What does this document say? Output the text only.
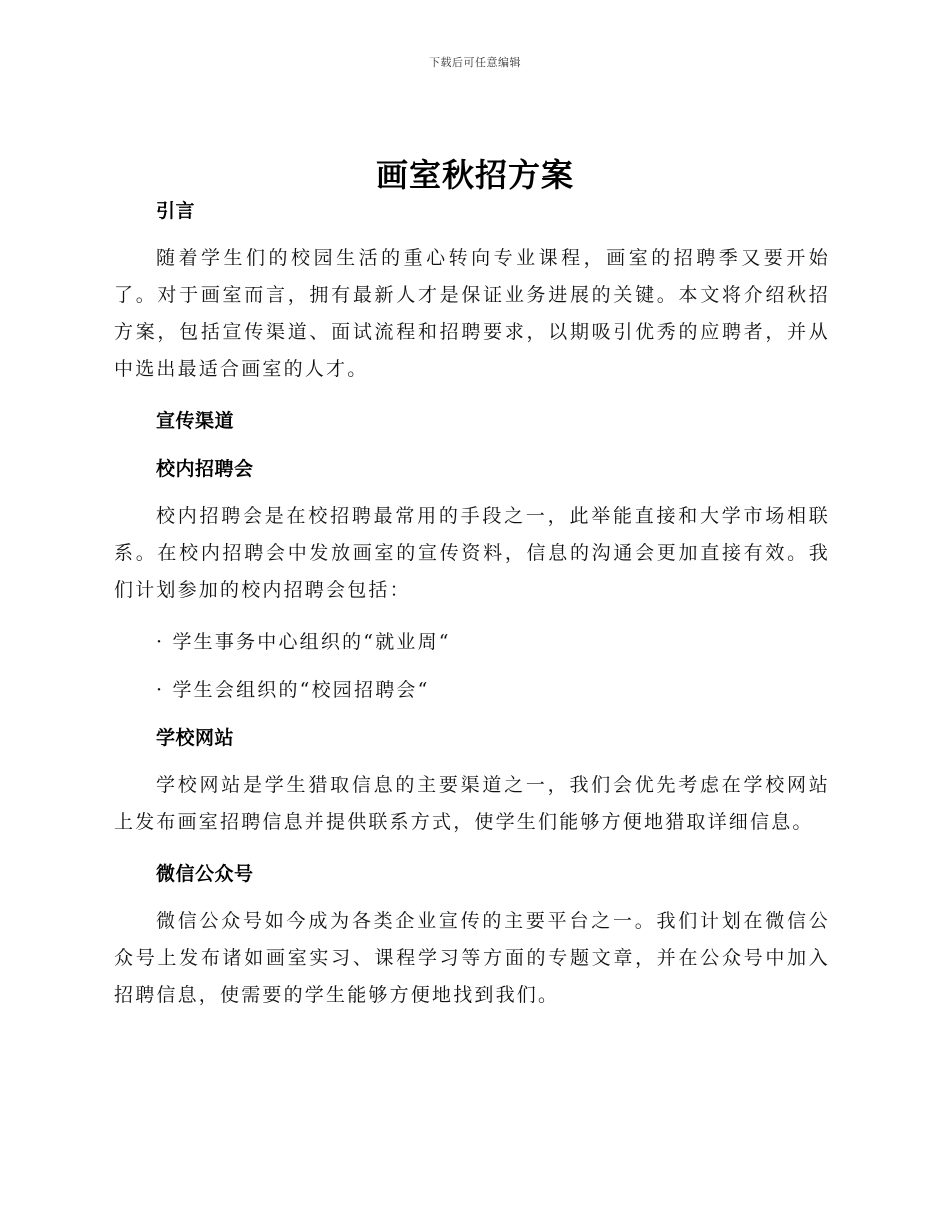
下载后可任意编辑
画室秋招方案
引言

随着学生们的校园生活的重心转向专业课程，画室的招聘季又要开始了。对于画室而言，拥有最新人才是保证业务进展的关键。本文将介绍秋招方案，包括宣传渠道、面试流程和招聘要求，以期吸引优秀的应聘者，并从中选出最适合画室的人才。

宣传渠道
校内招聘会

校内招聘会是在校招聘最常用的手段之一，此举能直接和大学市场相联系。在校内招聘会中发放画室的宣传资料，信息的沟通会更加直接有效。我们计划参加的校内招聘会包括：

· 学生事务中心组织的“就业周“
· 学生会组织的“校园招聘会“
学校网站

学校网站是学生猎取信息的主要渠道之一，我们会优先考虑在学校网站上发布画室招聘信息并提供联系方式，使学生们能够方便地猎取详细信息。

微信公众号

微信公众号如今成为各类企业宣传的主要平台之一。我们计划在微信公众号上发布诸如画室实习、课程学习等方面的专题文章，并在公众号中加入招聘信息，使需要的学生能够方便地找到我们。
